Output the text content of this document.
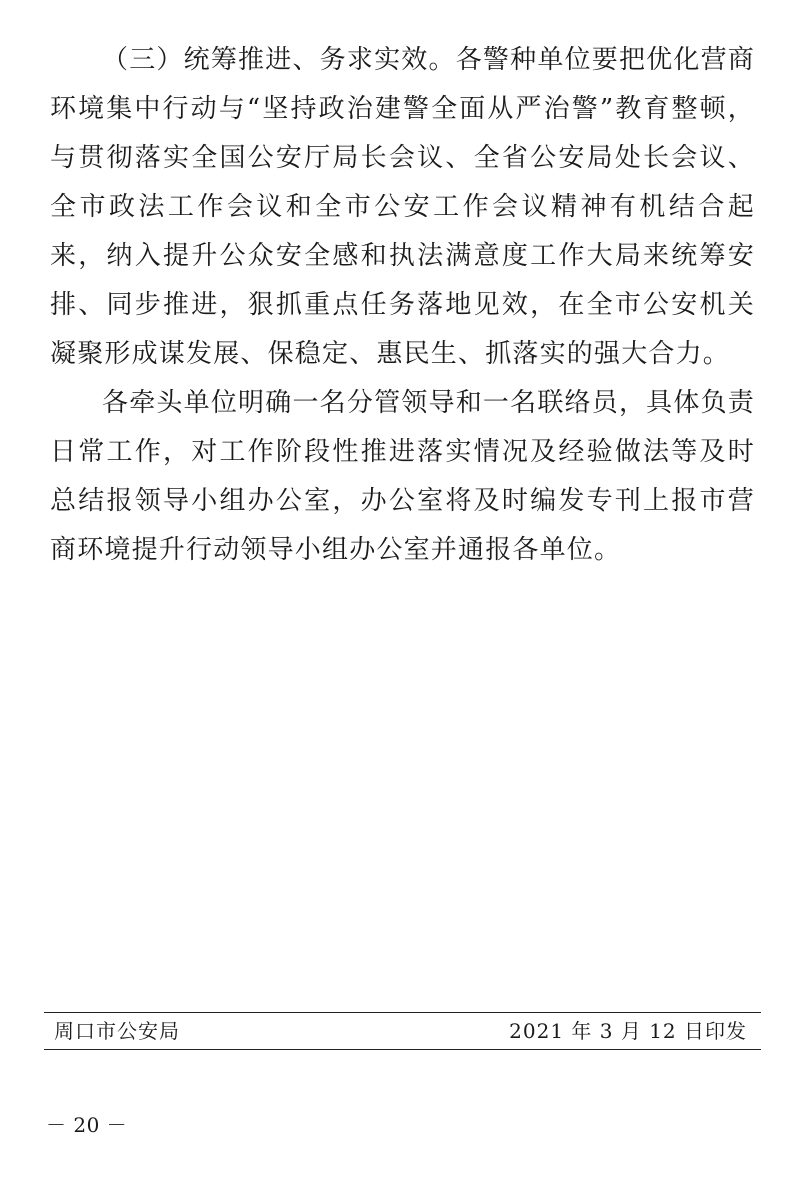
（三）统筹推进、务求实效。各警种单位要把优化营商环境集中行动与“坚持政治建警全面从严治警”教育整顿，与贯彻落实全国公安厅局长会议、全省公安局处长会议、全市政法工作会议和全市公安工作会议精神有机结合起来，纳入提升公众安全感和执法满意度工作大局来统筹安排、同步推进，狠抓重点任务落地见效，在全市公安机关凝聚形成谋发展、保稳定、惠民生、抓落实的强大合力。

各牵头单位明确一名分管领导和一名联络员，具体负责日常工作，对工作阶段性推进落实情况及经验做法等及时总结报领导小组办公室，办公室将及时编发专刊上报市营商环境提升行动领导小组办公室并通报各单位。

周口市公安局	2021 年 3 月 12 日印发
－ 20 －
